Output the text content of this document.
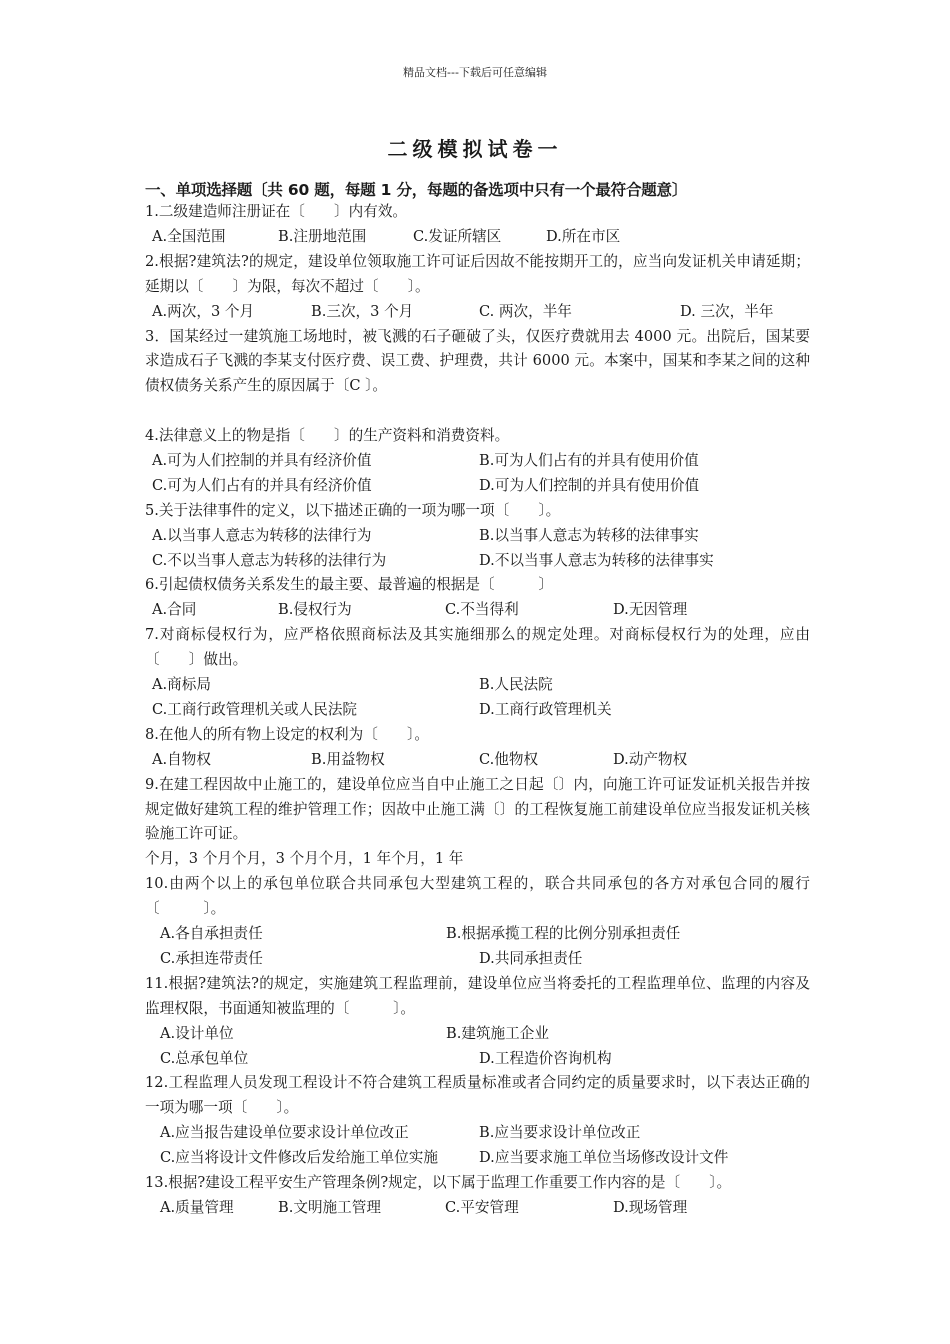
精品文档---下载后可任意编辑
二级模拟试卷一
一、单项选择题〔共 60 题，每题 1 分，每题的备选项中只有一个最符合题意〕

1.二级建造师注册证在〔　　〕内有效。

A.全国范围	B.注册地范围	C.发证所辖区	D.所在市区

2.根据?建筑法?的规定，建设单位领取施工许可证后因故不能按期开工的，应当向发证机关申请延期；延期以〔　　〕为限，每次不超过〔　　〕。

A.两次，3 个月	B.三次，3 个月	C. 两次，半年	D. 三次，半年

3．国某经过一建筑施工场地时，被飞溅的石子砸破了头，仅医疗费就用去 4000 元。出院后，国某要求造成石子飞溅的李某支付医疗费、误工费、护理费，共计 6000 元。本案中，国某和李某之间的这种债权债务关系产生的原因属于〔C 〕。

4.法律意义上的物是指〔　　〕的生产资料和消费资料。

A.可为人们控制的并具有经济价值	B.可为人们占有的并具有使用价值
C.可为人们占有的并具有经济价值	D.可为人们控制的并具有使用价值

5.关于法律事件的定义，以下描述正确的一项为哪一项〔　　〕。

A.以当事人意志为转移的法律行为	B.以当事人意志为转移的法律事实
C.不以当事人意志为转移的法律行为	D.不以当事人意志为转移的法律事实

6.引起债权债务关系发生的最主要、最普遍的根据是〔　　　〕

A.合同	B.侵权行为	C.不当得利	D.无因管理

7.对商标侵权行为，应严格依照商标法及其实施细那么的规定处理。对商标侵权行为的处理，应由〔　　〕做出。

A.商标局	B.人民法院
C.工商行政管理机关或人民法院	D.工商行政管理机关

8.在他人的所有物上设定的权利为〔　　〕。

A.自物权	B.用益物权	C.他物权	D.动产物权

9.在建工程因故中止施工的，建设单位应当自中止施工之日起〔〕内，向施工许可证发证机关报告并按规定做好建筑工程的维护管理工作；因故中止施工满〔〕的工程恢复施工前建设单位应当报发证机关核验施工许可证。

个月，3 个月个月，3 个月个月，1 年个月，1 年

10.由两个以上的承包单位联合共同承包大型建筑工程的，联合共同承包的各方对承包合同的履行〔　　　〕。

A.各自承担责任	B.根据承揽工程的比例分别承担责任
C.承担连带责任	D.共同承担责任

11.根据?建筑法?的规定，实施建筑工程监理前，建设单位应当将委托的工程监理单位、监理的内容及监理权限，书面通知被监理的〔　　　〕。

A.设计单位	B.建筑施工企业
C.总承包单位	D.工程造价咨询机构

12.工程监理人员发现工程设计不符合建筑工程质量标准或者合同约定的质量要求时，以下表达正确的一项为哪一项〔　　〕。

A.应当报告建设单位要求设计单位改正	B.应当要求设计单位改正
C.应当将设计文件修改后发给施工单位实施	D.应当要求施工单位当场修改设计文件

13.根据?建设工程平安生产管理条例?规定，以下属于监理工作重要工作内容的是〔　　〕。

A.质量管理	B.文明施工管理	C.平安管理	D.现场管理
